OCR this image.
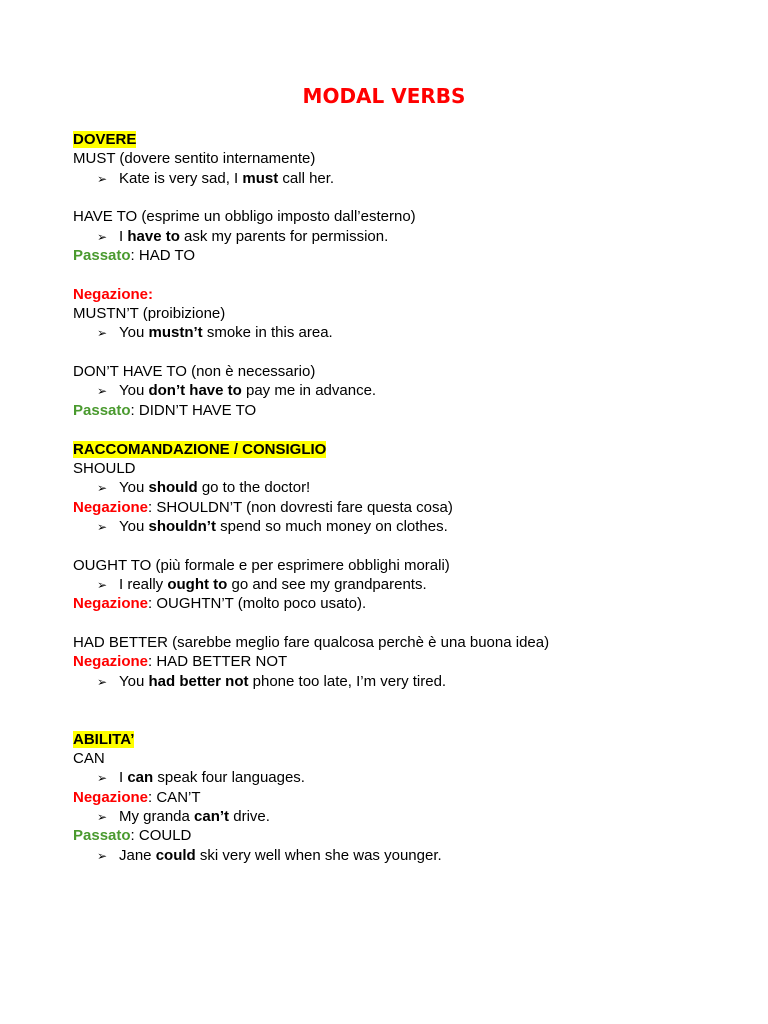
MODAL VERBS
DOVERE
MUST (dovere sentito internamente)
➢ Kate is very sad, I must call her.
HAVE TO (esprime un obbligo imposto dall’esterno)
➢ I have to ask my parents for permission.
Passato: HAD TO
Negazione:
MUSTN’T (proibizione)
➢ You mustn’t smoke in this area.
DON’T HAVE TO (non è necessario)
➢ You don’t have to pay me in advance.
Passato: DIDN’T HAVE TO
RACCOMANDAZIONE / CONSIGLIO
SHOULD
➢ You should go to the doctor!
Negazione: SHOULDN’T (non dovresti fare questa cosa)
➢ You shouldn’t spend so much money on clothes.
OUGHT TO (più formale e per esprimere obblighi morali)
➢ I really ought to go and see my grandparents.
Negazione: OUGHTN’T (molto poco usato).
HAD BETTER (sarebbe meglio fare qualcosa perchè è una buona idea)
Negazione: HAD BETTER NOT
➢ You had better not phone too late, I’m very tired.
ABILITA’
CAN
➢ I can speak four languages.
Negazione: CAN’T
➢ My granda can’t drive.
Passato: COULD
➢ Jane could ski very well when she was younger.
